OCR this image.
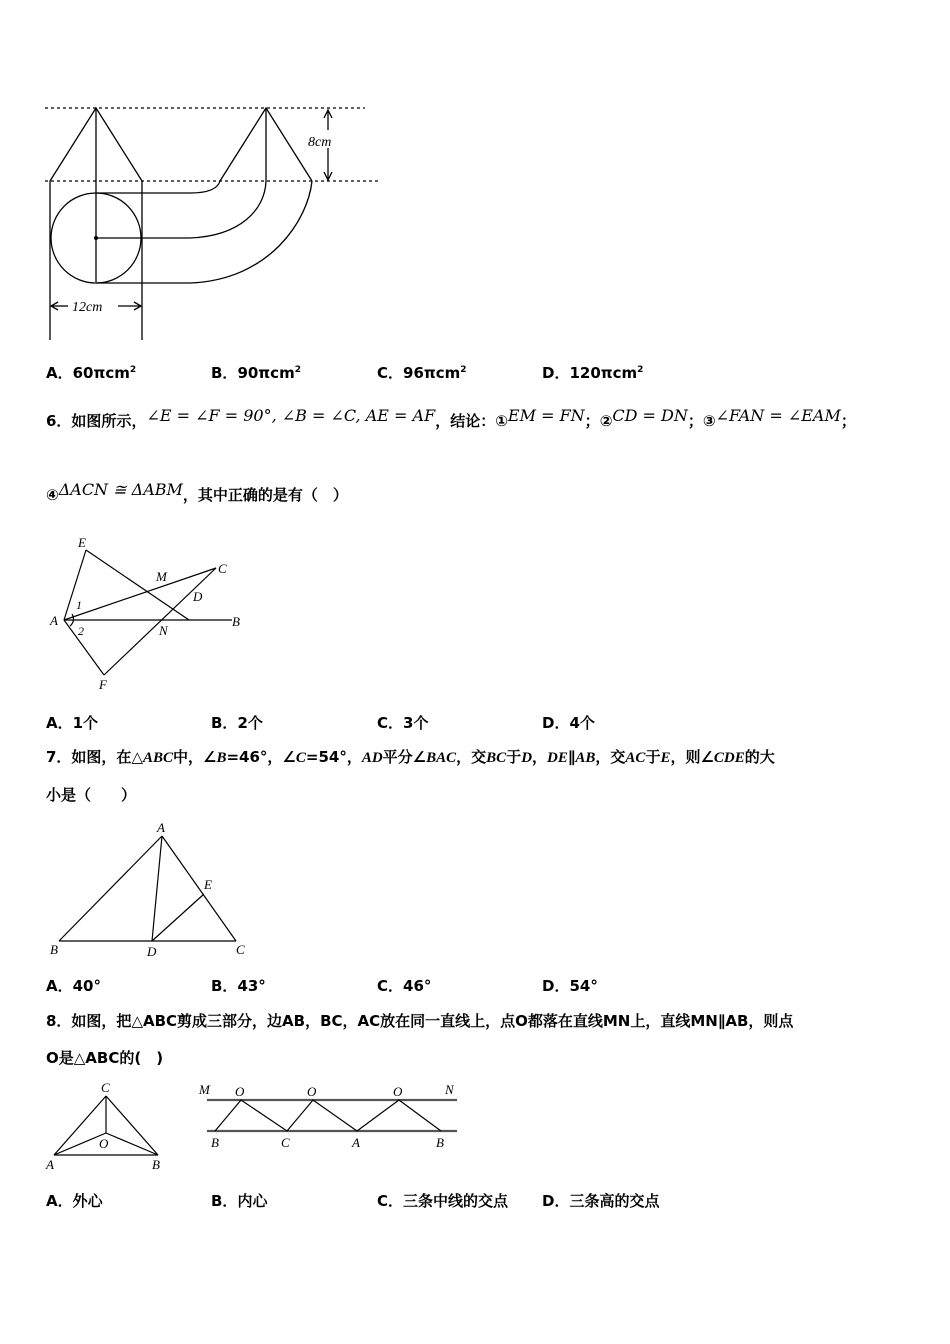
8cm
12cm
A．60πcm$^2$	B．90πcm$^2$	C．96πcm$^2$	D．120πcm$^2$
6．如图所示，∠E = ∠F = 90°, ∠B = ∠C, AE = AF，结论：①EM = FN；②CD = DN；③∠FAN = ∠EAM；
④ΔACN ≅ ΔABM，其中正确的是有（　）
E
M
C
D
A
1
2	N
B
F
A．1个	B．2个	C．3个	D．4个
7．如图，在△ABC中，∠B=46°，∠C=54°，AD平分∠BAC，交BC于D，DE∥AB，交AC于E，则∠CDE的大
小是（　　）
A
E
B	D	C
A．40°	B．43°	C．46°	D．54°
8．如图，把△ABC剪成三部分，边AB，BC，AC放在同一直线上，点O都落在直线MN上，直线MN∥AB，则点
O是△ABC的(　)
C
O
A	B
M O	O	O	N
B	C	A	B
A．外心	B．内心	C．三条中线的交点 D．三条高的交点
